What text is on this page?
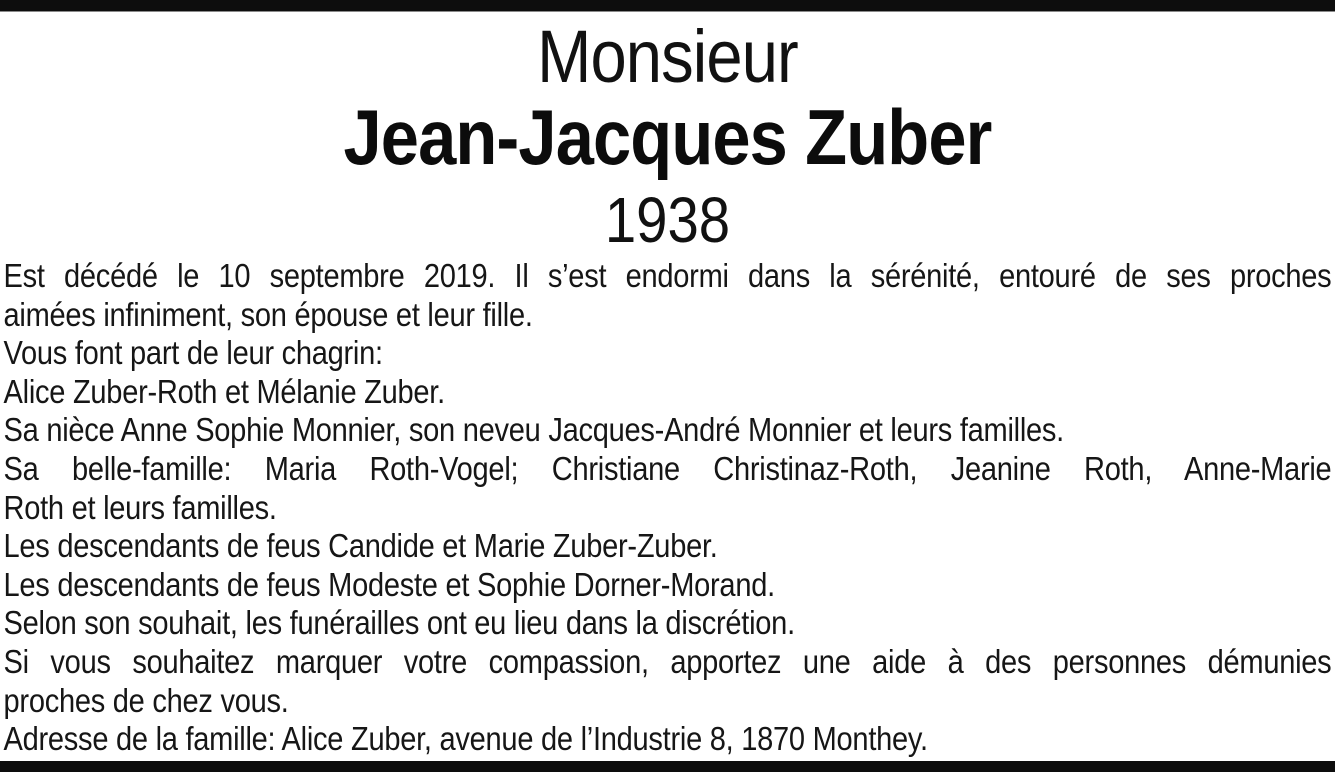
Monsieur
Jean-Jacques Zuber
1938
Est décédé le 10 septembre 2019. Il s’est endormi dans la sérénité, entouré de ses proches
aimées infiniment, son épouse et leur fille.
Vous font part de leur chagrin:
Alice Zuber-Roth et Mélanie Zuber.
Sa nièce Anne Sophie Monnier, son neveu Jacques-André Monnier et leurs familles.
Sa belle-famille: Maria Roth-Vogel; Christiane Christinaz-Roth, Jeanine Roth, Anne-Marie
Roth et leurs familles.
Les descendants de feus Candide et Marie Zuber-Zuber.
Les descendants de feus Modeste et Sophie Dorner-Morand.
Selon son souhait, les funérailles ont eu lieu dans la discrétion.
Si vous souhaitez marquer votre compassion, apportez une aide à des personnes démunies
proches de chez vous.
Adresse de la famille: Alice Zuber, avenue de l’Industrie 8, 1870 Monthey.
